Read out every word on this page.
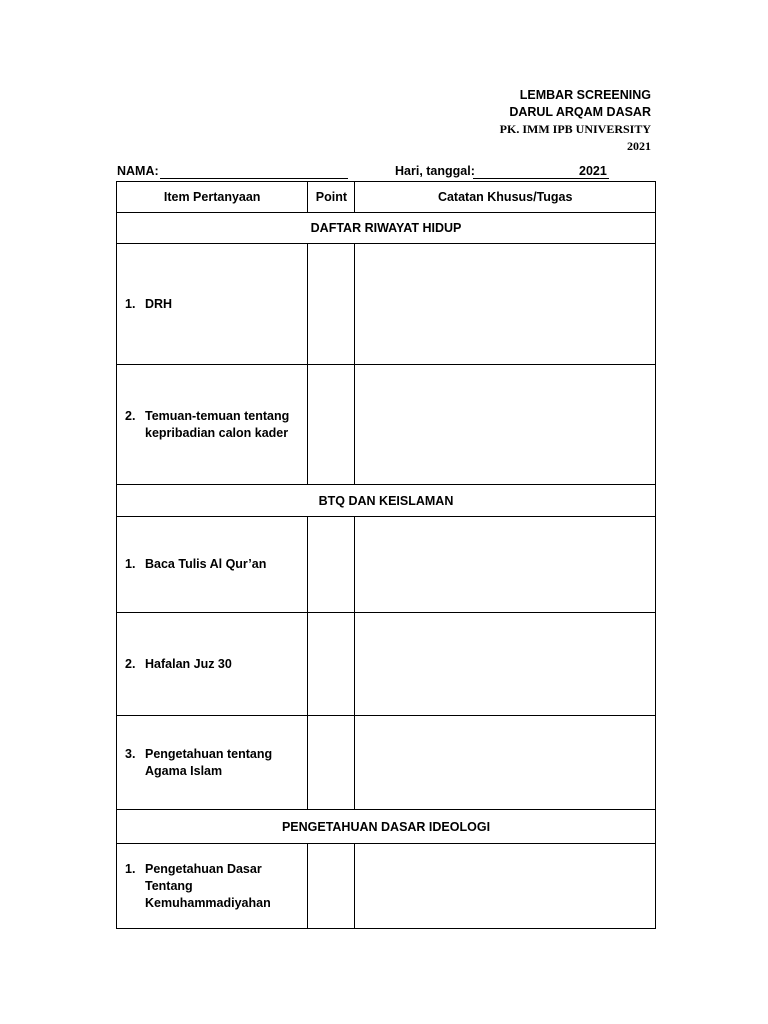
LEMBAR SCREENING
DARUL ARQAM DASAR
PK. IMM IPB UNIVERSITY
2021
NAMA:	Hari, tanggal:	2021
Item Pertanyaan	Point	Catatan Khusus/Tugas
DAFTAR RIWAYAT HIDUP		

1. DRH		

2. Temuan-temuan tentang kepribadian calon kader		

BTQ DAN KEISLAMAN		

1. Baca Tulis Al Qur’an		

2. Hafalan Juz 30		

3. Pengetahuan tentang Agama Islam		

PENGETAHUAN DASAR IDEOLOGI		

1. Pengetahuan Dasar Tentang Kemuhammadiyahan		
